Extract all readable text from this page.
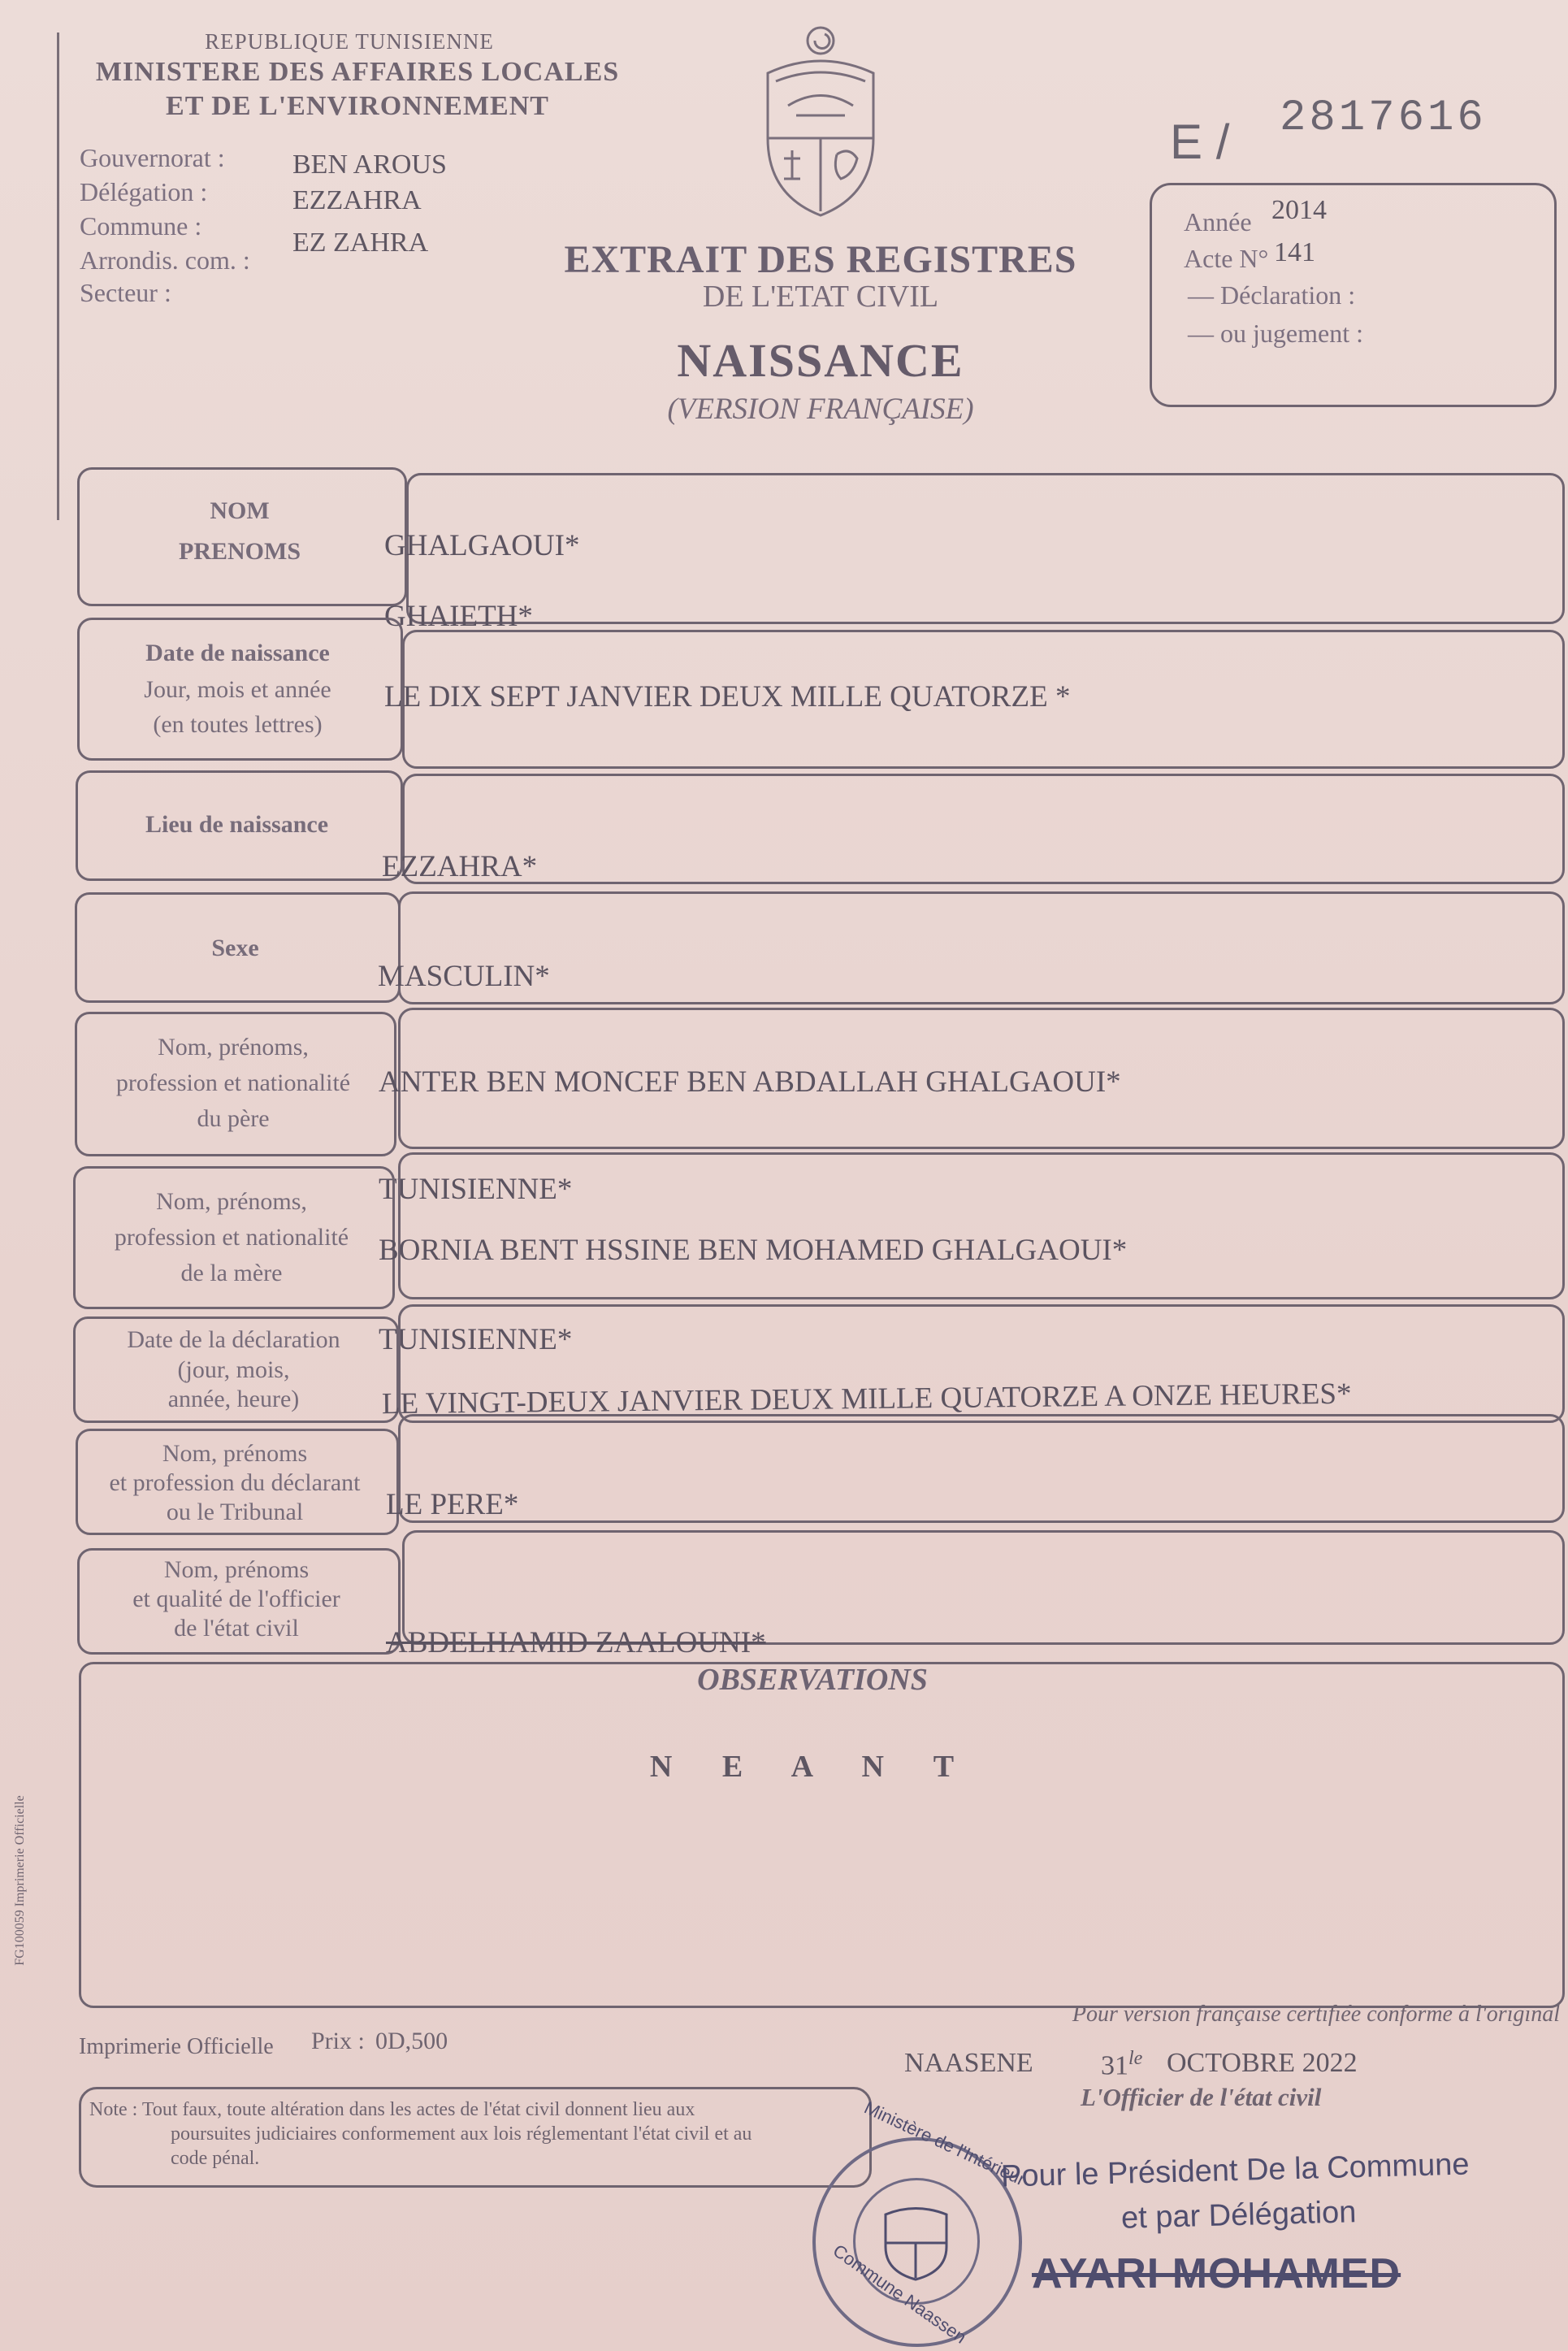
REPUBLIQUE TUNISIENNE
MINISTERE DES AFFAIRES LOCALES
ET DE L'ENVIRONNEMENT
Gouvernorat : BEN AROUS
Délégation :	EZZAHRA
Commune :
EZ ZAHRA
Arrondis. com. :
Secteur :
E / 2817616
Année 2014
Acte N° 141
— Déclaration :
— ou jugement :
EXTRAIT DES REGISTRES
DE L'ETAT CIVIL
NAISSANCE
(VERSION FRANÇAISE)
NOM
PRENOMS	GHALGAOUI*
GHAIETH*
Date de naissance
Jour, mois et année
(en toutes lettres)
LE DIX SEPT JANVIER DEUX MILLE QUATORZE *
Lieu de naissance
EZZAHRA*
Sexe
MASCULIN*
Nom, prénoms,
profession et nationalité
du père
ANTER BEN MONCEF BEN ABDALLAH GHALGAOUI*
TUNISIENNE*
Nom, prénoms,
profession et nationalité
de la mère
BORNIA BENT HSSINE BEN MOHAMED GHALGAOUI*
TUNISIENNE*
Date de la déclaration
(jour, mois,
année, heure)	LE VINGT-DEUX JANVIER DEUX MILLE QUATORZE A ONZE HEURES*
Nom, prénoms
et profession du déclarant
ou le Tribunal	LE PERE*
Nom, prénoms
et qualité de l'officier
de l'état civil	ABDELHAMID ZAALOUNI*
OBSERVATIONS
N E A N T
FG100059 Imprimerie Officielle
Pour version française certifiée conforme à l'original
Imprimerie Officielle Prix : 0D,500
NAASENE $31^{le}$ OCTOBRE 2022
L'Officier de l'état civil
Note : Tout faux, toute altération dans les actes de l'état civil donnent lieu aux
poursuites judiciaires conformement aux lois réglementant l'état civil et au
code pénal.	Ministère de l'Intérieur
Commune Naassen
Pour le Président De la Commune
et par Délégation
AYARI MOHAMED
